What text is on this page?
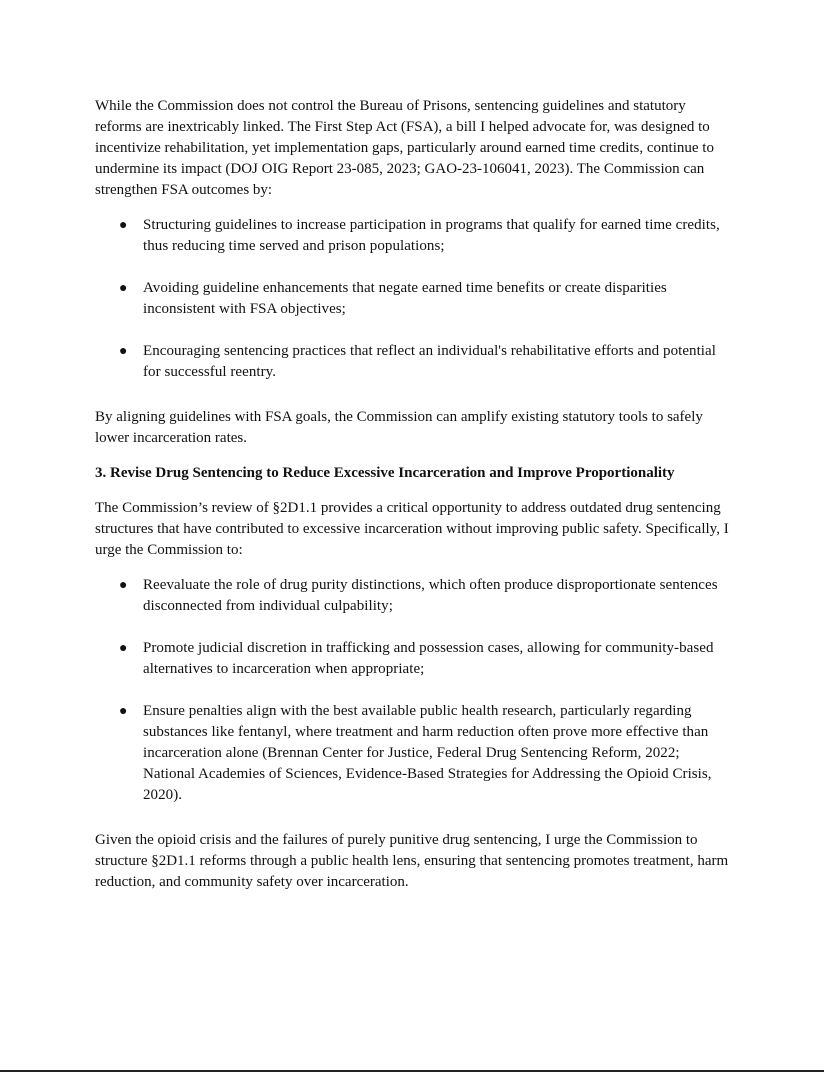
While the Commission does not control the Bureau of Prisons, sentencing guidelines and statutory reforms are inextricably linked. The First Step Act (FSA), a bill I helped advocate for, was designed to incentivize rehabilitation, yet implementation gaps, particularly around earned time credits, continue to undermine its impact (DOJ OIG Report 23-085, 2023; GAO-23-106041, 2023). The Commission can strengthen FSA outcomes by:

● Structuring guidelines to increase participation in programs that qualify for earned time credits, thus reducing time served and prison populations;
● Avoiding guideline enhancements that negate earned time benefits or create disparities inconsistent with FSA objectives;
● Encouraging sentencing practices that reflect an individual's rehabilitative efforts and potential for successful reentry.

By aligning guidelines with FSA goals, the Commission can amplify existing statutory tools to safely lower incarceration rates.

3. Revise Drug Sentencing to Reduce Excessive Incarceration and Improve Proportionality

The Commission’s review of §2D1.1 provides a critical opportunity to address outdated drug sentencing structures that have contributed to excessive incarceration without improving public safety. Specifically, I urge the Commission to:

● Reevaluate the role of drug purity distinctions, which often produce disproportionate sentences disconnected from individual culpability;
● Promote judicial discretion in trafficking and possession cases, allowing for community-based alternatives to incarceration when appropriate;
● Ensure penalties align with the best available public health research, particularly regarding substances like fentanyl, where treatment and harm reduction often prove more effective than incarceration alone (Brennan Center for Justice, Federal Drug Sentencing Reform, 2022; National Academies of Sciences, Evidence-Based Strategies for Addressing the Opioid Crisis, 2020).

Given the opioid crisis and the failures of purely punitive drug sentencing, I urge the Commission to structure §2D1.1 reforms through a public health lens, ensuring that sentencing promotes treatment, harm reduction, and community safety over incarceration.
